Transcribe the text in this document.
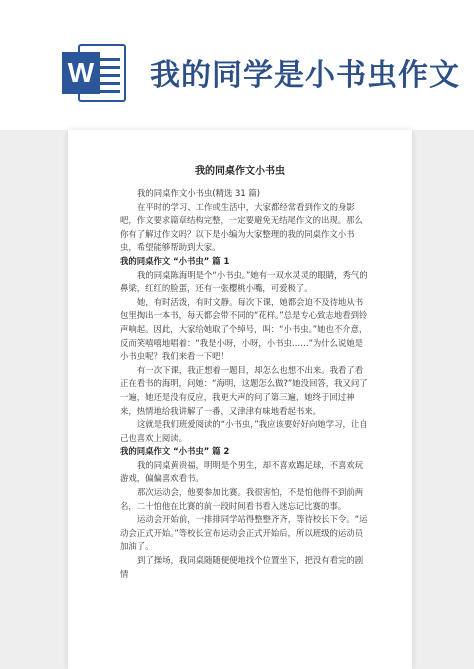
W 我的同学是小书虫作文
我的同桌作文小书虫

我的同桌作文小书虫(精选 31 篇)

在平时的学习、工作或生活中，大家都经常看到作文的身影吧，作文要求篇章结构完整，一定要避免无结尾作文的出现。那么你有了解过作文吗？以下是小编为大家整理的我的同桌作文小书虫，希望能够帮助到大家。

我的同桌作文 “小书虫” 篇 1

我的同桌陈海明是个“小书虫。”她有一双水灵灵的眼睛，秀气的鼻梁，红红的脸蛋，还有一张樱桃小嘴，可爱极了。

她，有时活泼，有时文静。每次下课，她都会迫不及待地从书包里掏出一本书，每天都会带不同的“花样。”总是专心致志地看到铃声响起。因此，大家给她取了个绰号，叫：“小书虫。”她也不介意，反而笑嘻嘻地唱着：“我是小呀，小呀，小书虫……”为什么说她是小书虫呢？我们来看一下吧！

有一次下课，我正想着一题目，却怎么也想不出来。我看了看正在看书的海明，问她：“海明，这题怎么做?”她没回答，我又问了一遍，她还是没有反应，我更大声的问了第三遍，她终于回过神来，热情地给我讲解了一番，又津津有味地看起书来。

这就是我们班爱阅读的“小书虫，”我应该要好好向她学习，让自己也喜欢上阅读。

我的同桌作文 “小书虫” 篇 2

我的同桌黄贵福，明明是个男生，却不喜欢踢足球，不喜欢玩游戏，偏偏喜欢看书。

那次运动会，他要参加比赛。我很害怕，不是怕他得不到前两名，二十怕他在比赛的前一段时间看书看入迷忘记比赛的事。

运动会开始前，一排排同学站得整整齐齐，等待校长下令。“运动会正式开始。”等校长宣布运动会正式开始后，所以班级的运动员加油了。

到了操场，我同桌随随便便地找个位置坐下，把没有看完的剧情
